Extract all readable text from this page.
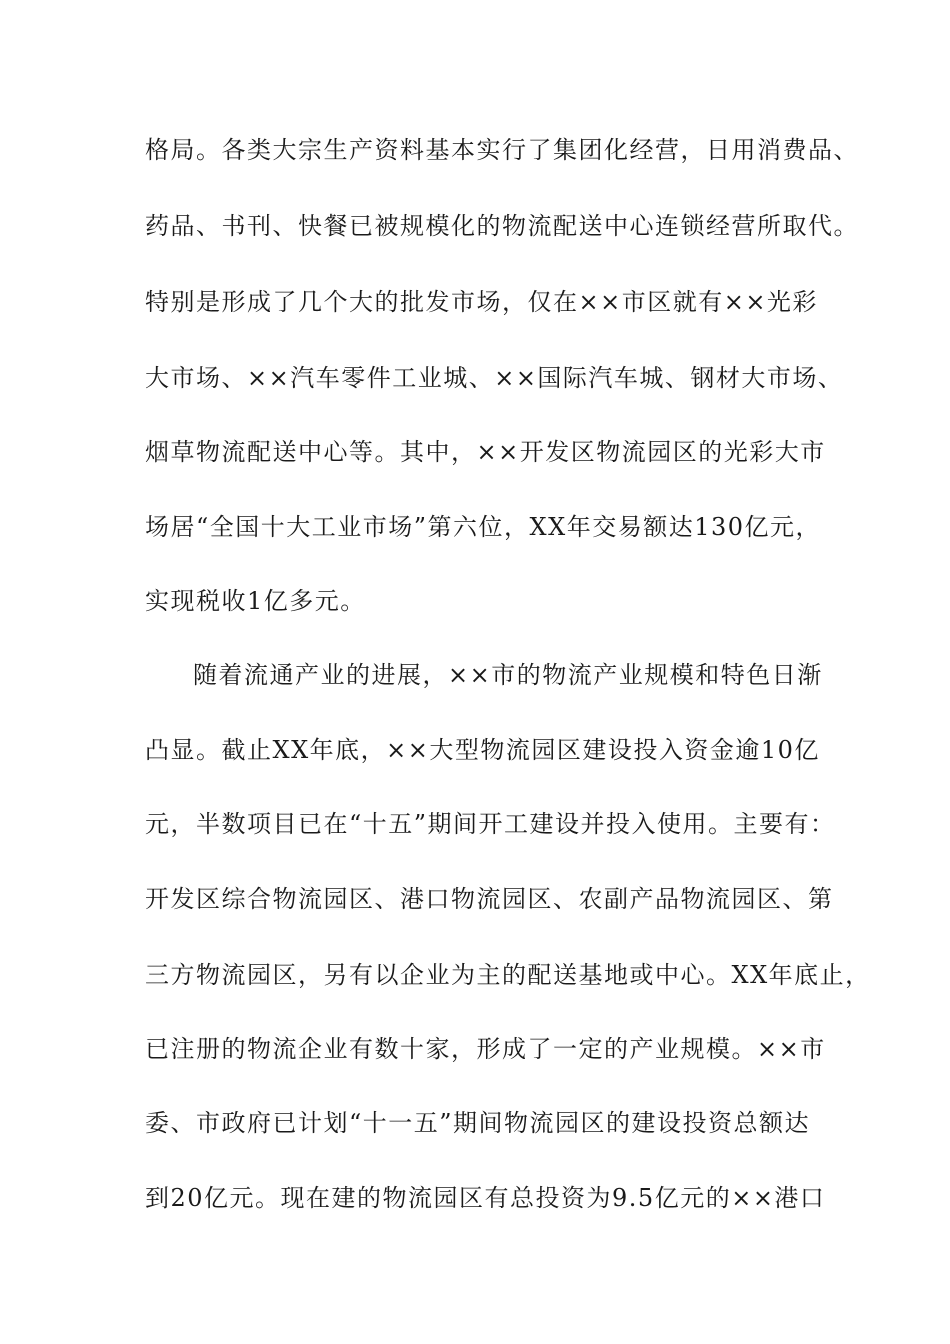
格局。各类大宗生产资料基本实行了集团化经营，日用消费品、
药品、书刊、快餐已被规模化的物流配送中心连锁经营所取代。
特别是形成了几个大的批发市场，仅在××市区就有××光彩
大市场、××汽车零件工业城、××国际汽车城、钢材大市场、
烟草物流配送中心等。其中，××开发区物流园区的光彩大市
场居“全国十大工业市场”第六位，XX年交易额达130亿元，
实现税收1亿多元。
随着流通产业的进展，××市的物流产业规模和特色日渐
凸显。截止XX年底，××大型物流园区建设投入资金逾10亿
元，半数项目已在“十五”期间开工建设并投入使用。主要有：
开发区综合物流园区、港口物流园区、农副产品物流园区、第
三方物流园区，另有以企业为主的配送基地或中心。XX年底止，
已注册的物流企业有数十家，形成了一定的产业规模。××市
委、市政府已计划“十一五”期间物流园区的建设投资总额达
到20亿元。现在建的物流园区有总投资为9.5亿元的××港口
